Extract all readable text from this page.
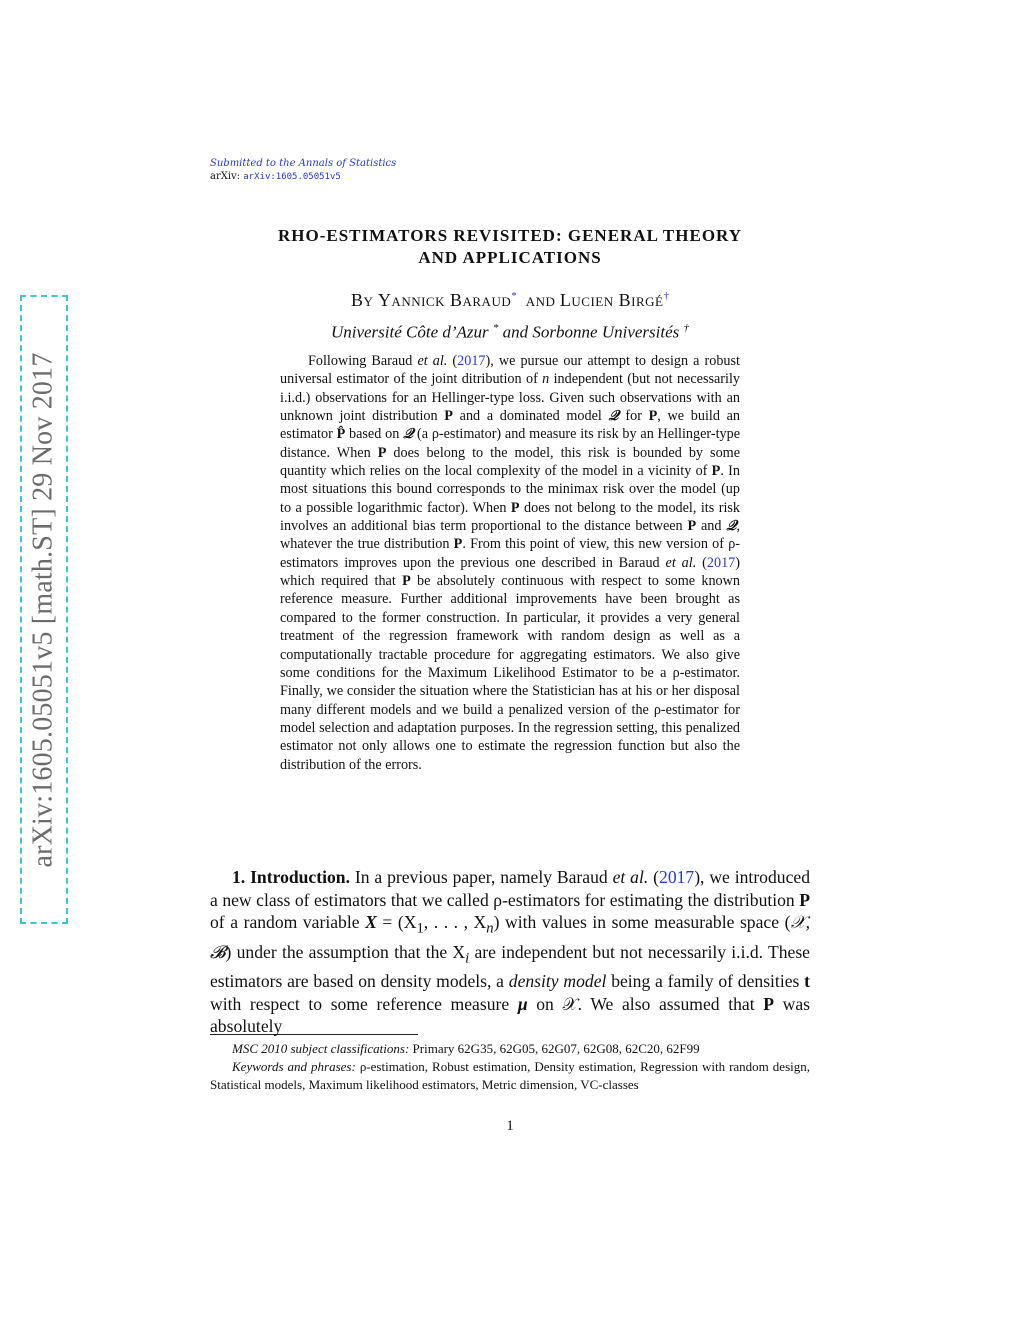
arXiv:1605.05051v5 [math.ST] 29 Nov 2017
Submitted to the Annals of Statistics
arXiv: arXiv:1605.05051v5
RHO-ESTIMATORS REVISITED: GENERAL THEORY
AND APPLICATIONS
By Yannick Baraud* and Lucien Birgé†
Université Côte d’Azur * and Sorbonne Universités †
Following Baraud et al. (2017), we pursue our attempt to design a robust universal estimator of the joint ditribution of n independent (but not necessarily i.i.d.) observations for an Hellinger-type loss. Given such observations with an unknown joint distribution P and a dominated model 𝒬 for P, we build an estimator P̂ based on 𝒬 (a ρ-estimator) and measure its risk by an Hellinger-type distance. When P does belong to the model, this risk is bounded by some quantity which relies on the local complexity of the model in a vicinity of P. In most situations this bound corresponds to the minimax risk over the model (up to a possible logarithmic factor). When P does not belong to the model, its risk involves an additional bias term proportional to the distance between P and 𝒬, whatever the true distribution P. From this point of view, this new version of ρ-estimators improves upon the previous one described in Baraud et al. (2017) which required that P be absolutely continuous with respect to some known reference measure. Further additional improvements have been brought as compared to the former construction. In particular, it provides a very general treatment of the regression framework with random design as well as a computationally tractable procedure for aggregating estimators. We also give some conditions for the Maximum Likelihood Estimator to be a ρ-estimator. Finally, we consider the situation where the Statistician has at his or her disposal many different models and we build a penalized version of the ρ-estimator for model selection and adaptation purposes. In the regression setting, this penalized estimator not only allows one to estimate the regression function but also the distribution of the errors.
1. Introduction. In a previous paper, namely Baraud et al. (2017), we introduced a new class of estimators that we called ρ-estimators for estimating the distribution P of a random variable $X = (X_1$, . . . , $X_n$) with values in some measurable space (𝒳, 𝓑) under the assumption that the $X_i$ are independent but not necessarily i.i.d. These estimators are based on density models, a density model being a family of densities t with respect to some reference measure μ on 𝒳. We also assumed that P was absolutely

MSC 2010 subject classifications: Primary 62G35, 62G05, 62G07, 62G08, 62C20, 62F99

Keywords and phrases: ρ-estimation, Robust estimation, Density estimation, Regression with random design, Statistical models, Maximum likelihood estimators, Metric dimension, VC-classes

1
